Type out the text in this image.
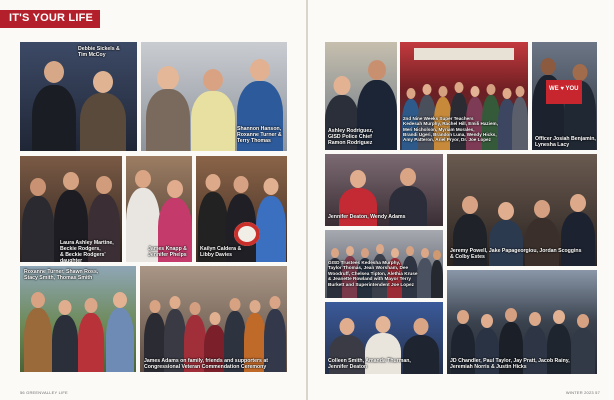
IT'S YOUR LIFE
Debbie Sickels &
Tim McCoy
Shannon Hanson,
Roxanne Turner &
Terry Thomas
Laura Ashley Martine,
Beckie Rodgers,
& Beckie Rodgers' daughter
James Knapp &
Jennifer Phelps
Kailyn Caldera &
Libby Davies
Roxanne Turner, Shawn Ross,
Stacy Smith, Thomas Smith
James Adams on family, friends and supporters at
Congressional Veteran Commendation Ceremony
56 GREENVALLEY LIFE
Ashley Rodriguez,
GISD Police Chief
Ramon Rodriguez
2nd Nine Weeks Super Teachers
Kedesah Murphy, Rachel Hill, Emili Haziem,
Meri Nicholson, Myriam Morales,
Brandi Ugeri, Brandon Luna, Wendy Hicks,
Amy Patteron, Ariel Pryor, Dr. Joe Lopez
WE ♥ YOU
Officer Josiah Benjamin,
Lynesha Lacy
Jennifer Deaton, Wendy Adams
Jeremy Powell, Jake Papageorgiou, Jordan Scoggins
& Colby Estes
GISD Trustees Kedesha Murphy,
Taylor Thomas, Jean Worsham, Dee
Woodruff, Chelsea Tipton, Alethia Kruse
& Jeanette Rowland with Mayor Terry
Burkett and Superintendent Joe Lopez
Colleen Smith, Amanda Thurman,
Jennifer Deaton
JD Chandler, Paul Taylor, Jay Pratt, Jacob Rainy,
Jeremiah Norris & Justin Hicks
WINTER 2023 57
